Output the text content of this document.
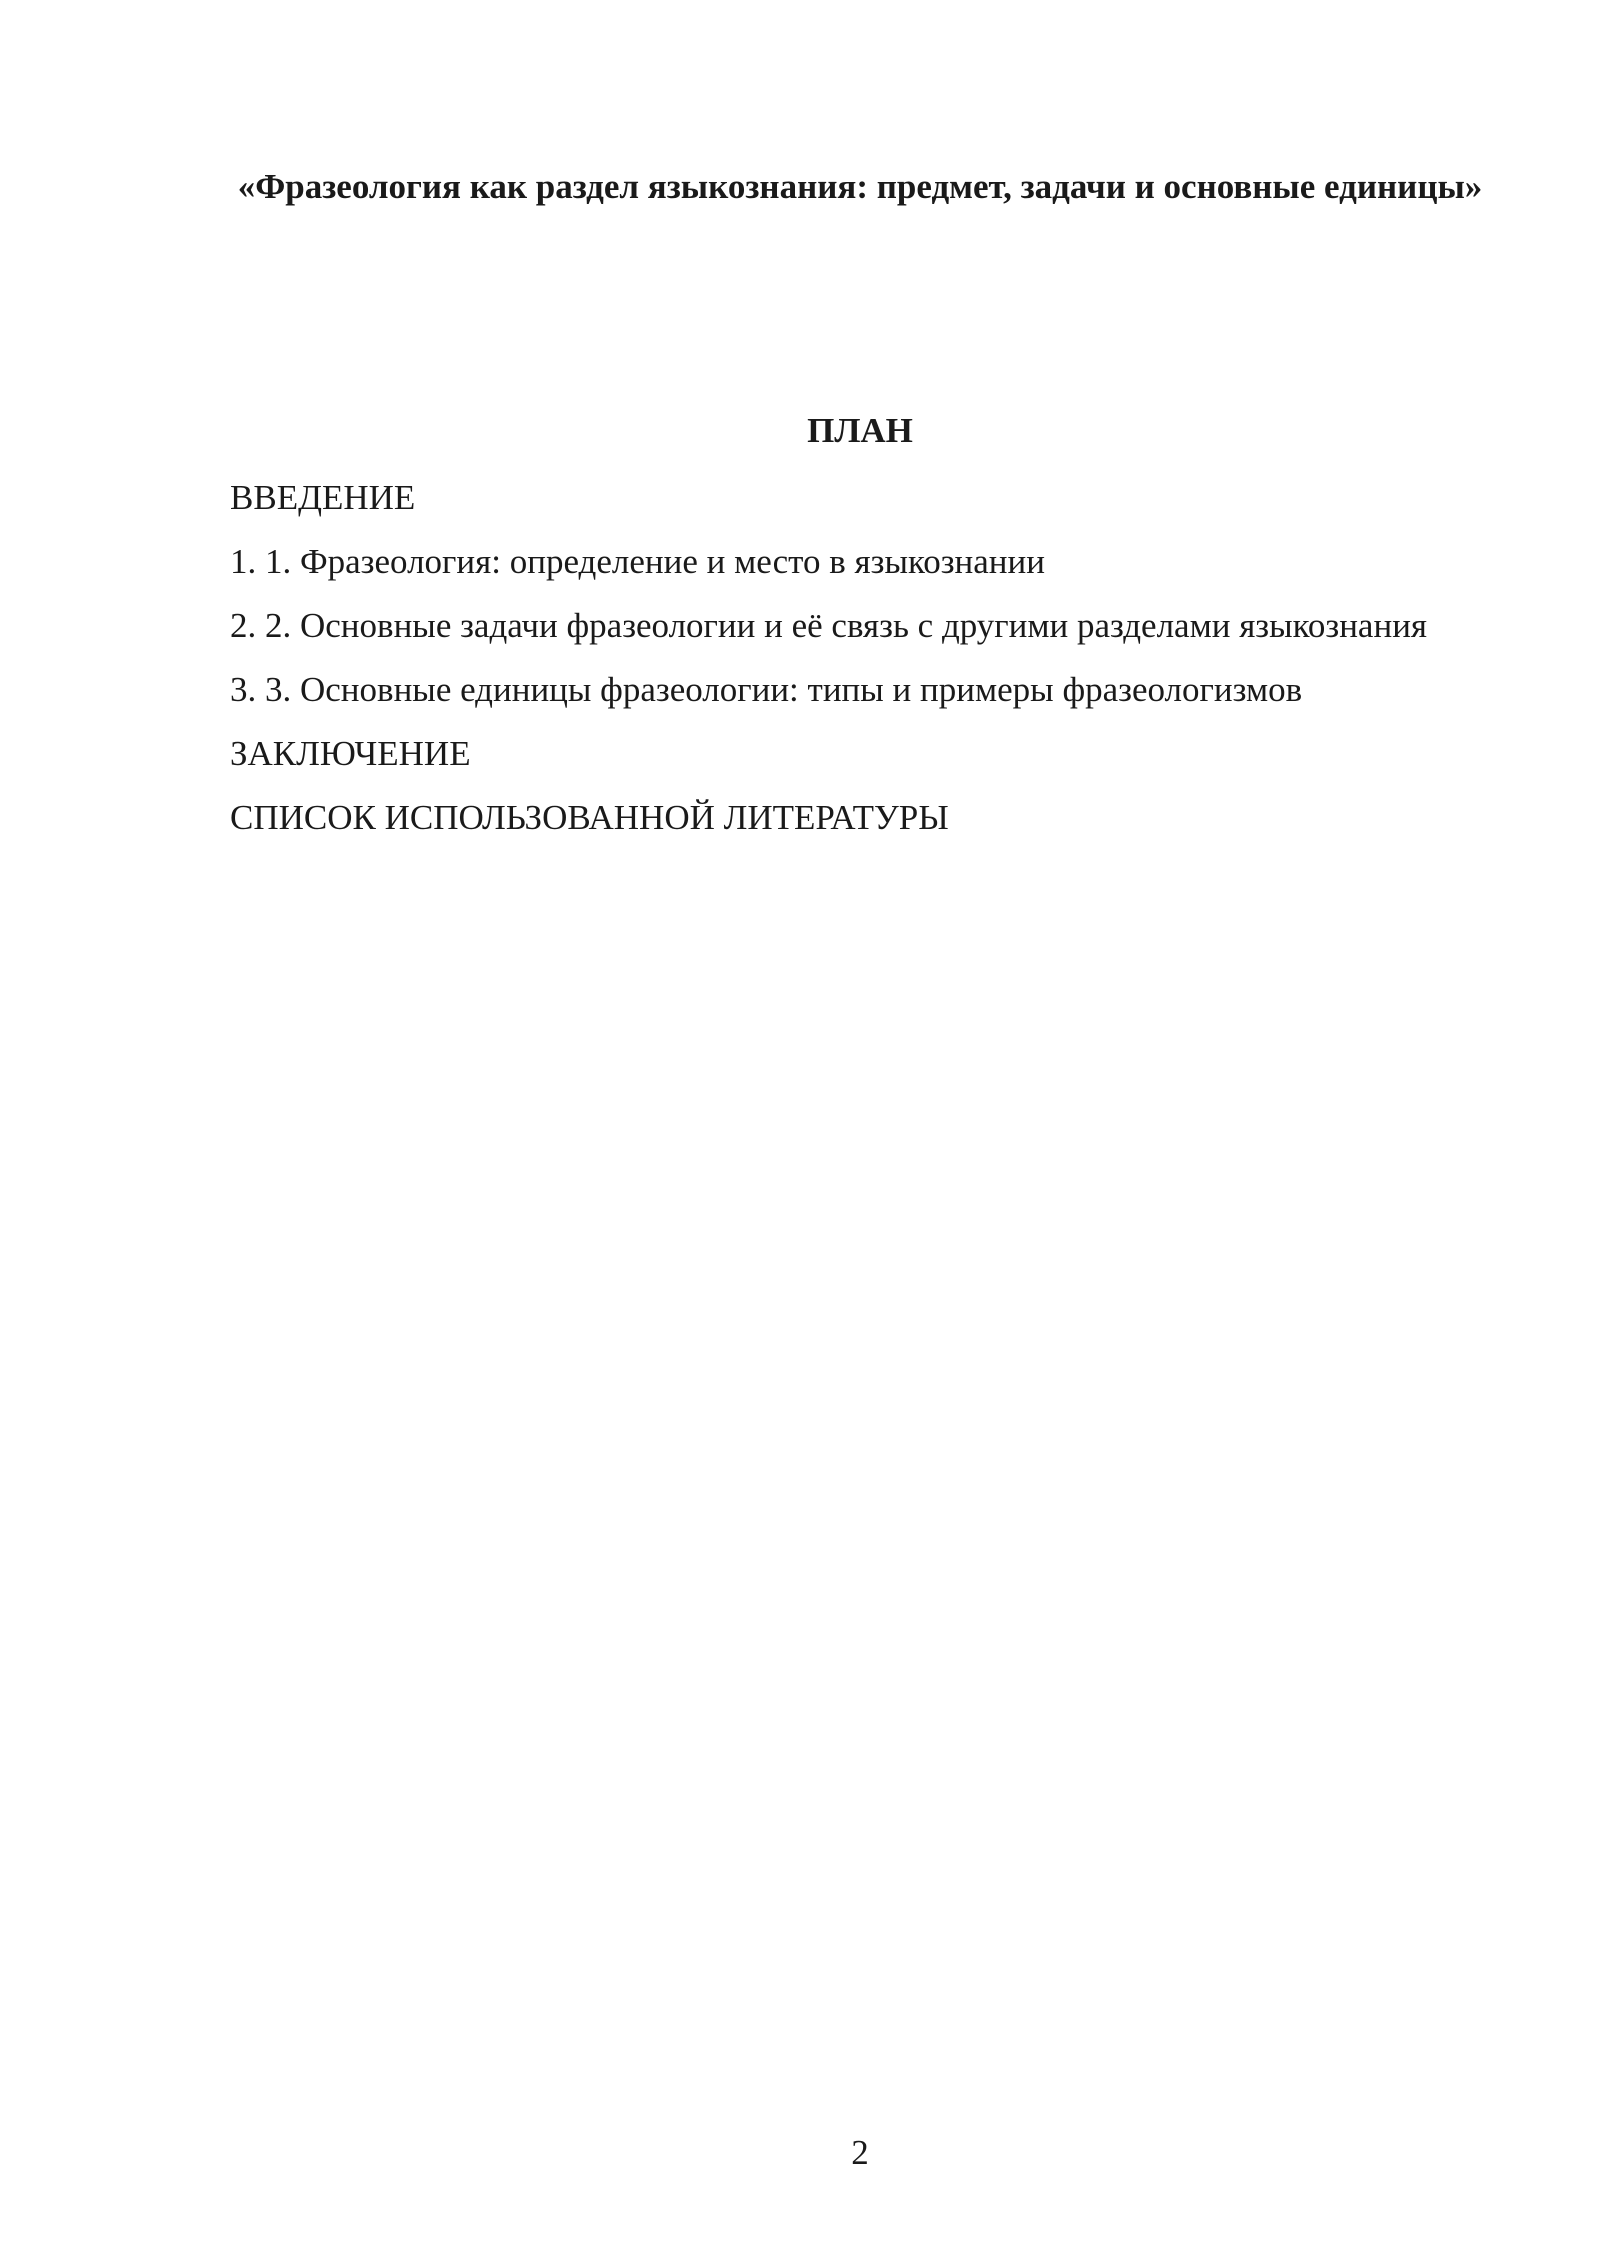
«Фразеология как раздел языкознания: предмет, задачи и основные единицы»
ПЛАН
ВВЕДЕНИЕ
1. 1. Фразеология: определение и место в языкознании
2. 2. Основные задачи фразеологии и её связь с другими разделами языкознания
3. 3. Основные единицы фразеологии: типы и примеры фразеологизмов
ЗАКЛЮЧЕНИЕ
СПИСОК ИСПОЛЬЗОВАННОЙ ЛИТЕРАТУРЫ
2
